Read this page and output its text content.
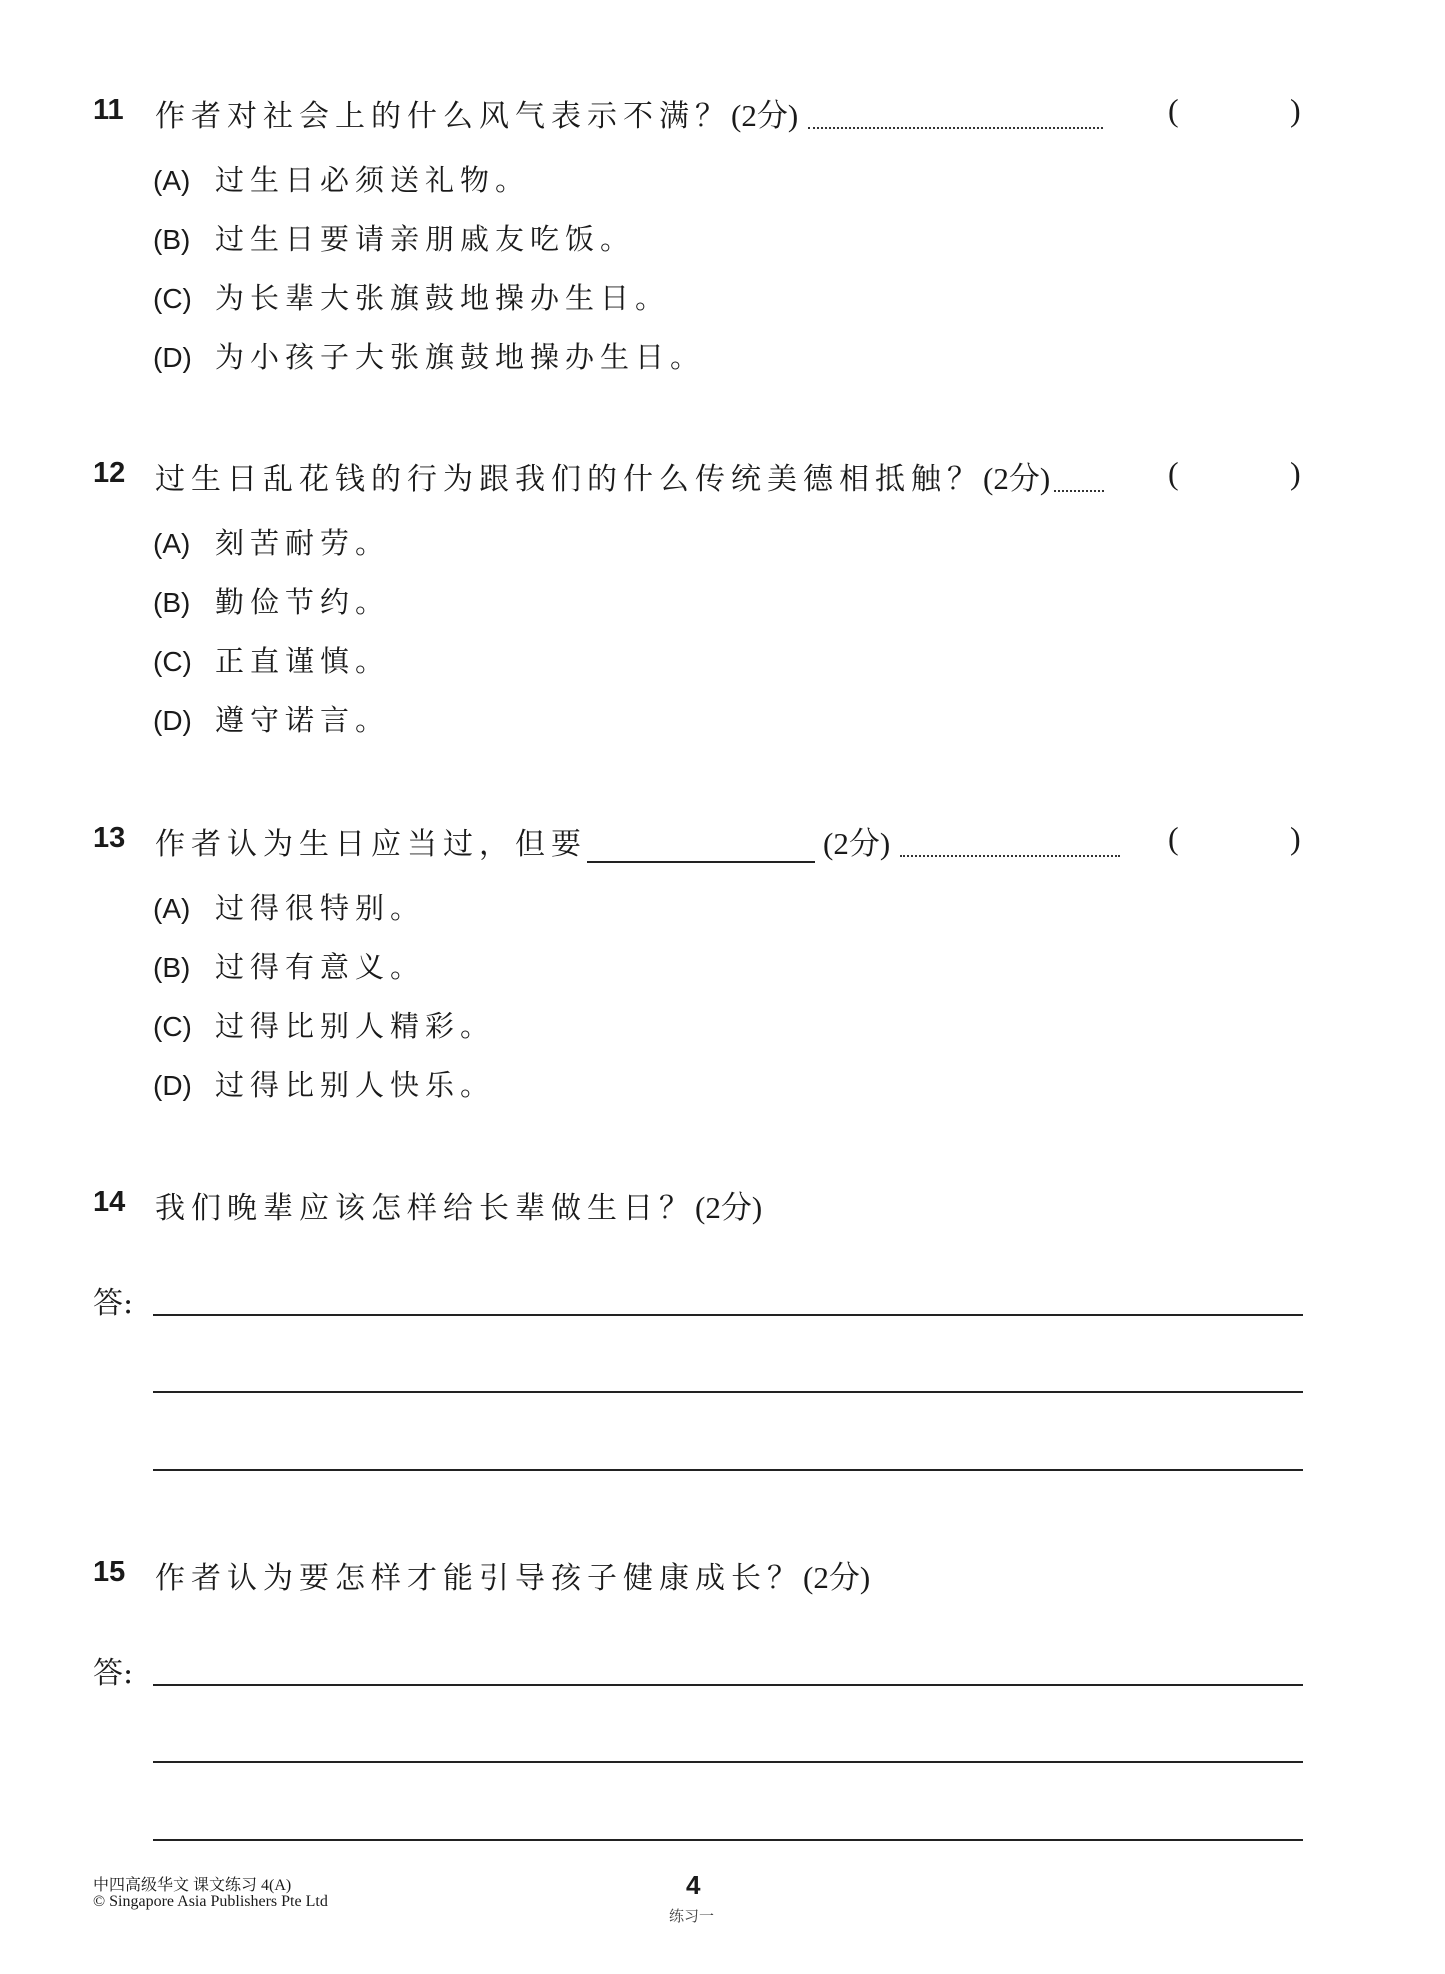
11 作者对社会上的什么风气表示不满？(2分)	(	)
(A) 过生日必须送礼物。
(B) 过生日要请亲朋戚友吃饭。
(C) 为长辈大张旗鼓地操办生日。
(D) 为小孩子大张旗鼓地操办生日。
12 过生日乱花钱的行为跟我们的什么传统美德相抵触？(2分)	(	)
(A) 刻苦耐劳。
(B) 勤俭节约。
(C) 正直谨慎。
(D) 遵守诺言。
13 作者认为生日应当过，但要	(2分)	(	)
(A) 过得很特别。
(B) 过得有意义。
(C) 过得比别人精彩。
(D) 过得比别人快乐。
14 我们晚辈应该怎样给长辈做生日？(2分)
答:
15 作者认为要怎样才能引导孩子健康成长？(2分)
答:
中四高级华文 课文练习 4(A)
© Singapore Asia Publishers Pte Ltd
4
练习一
